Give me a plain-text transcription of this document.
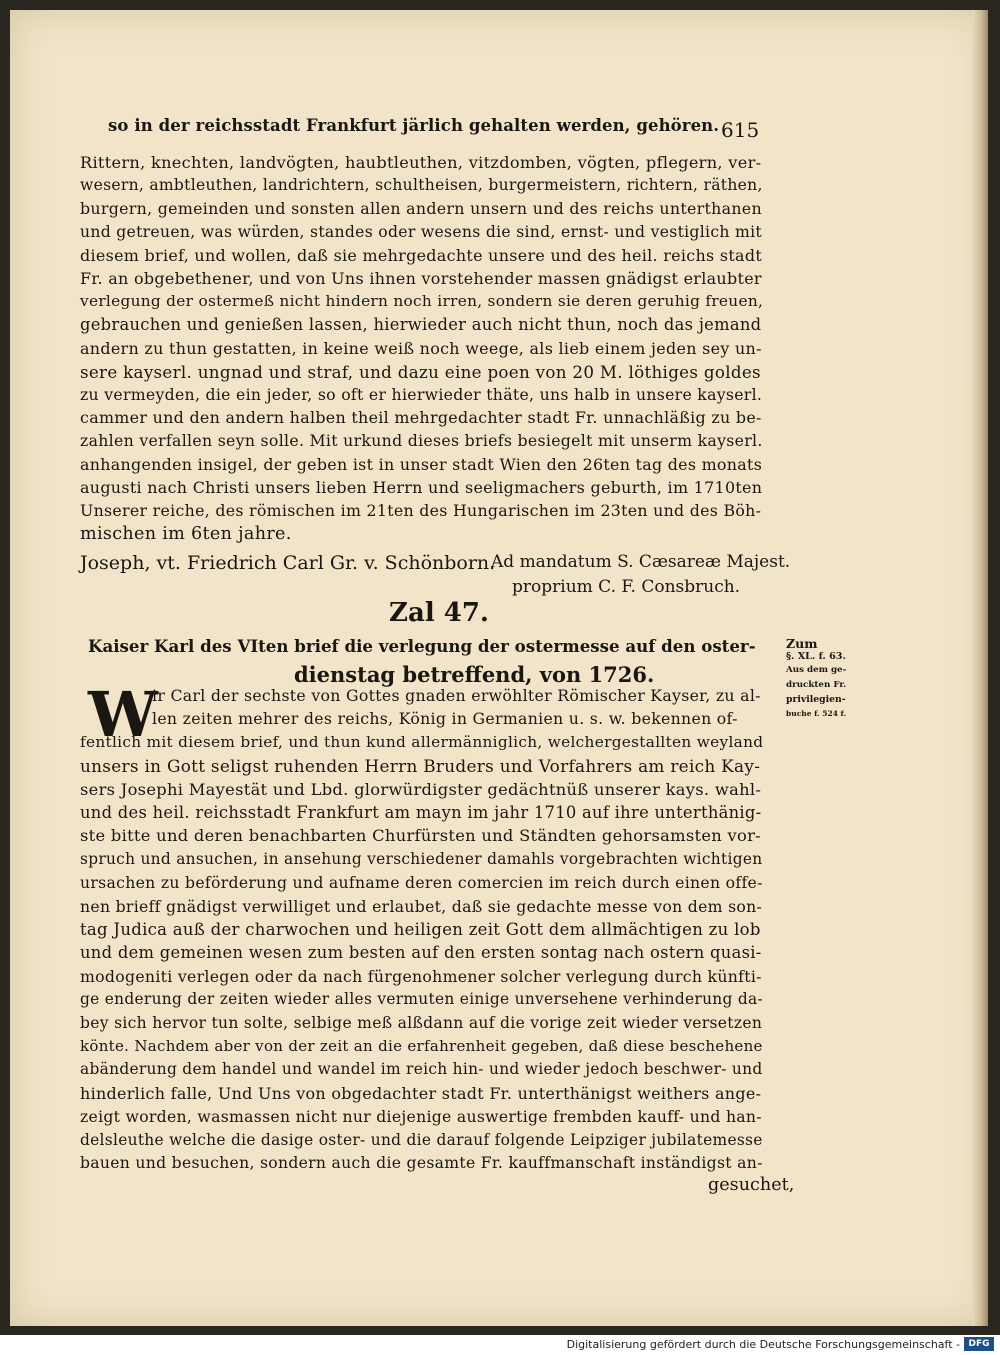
so in der reichsstadt Frankfurt järlich gehalten werden, gehören. 615
Rittern, knechten, landvögten, haubtleuthen, vitzdomben, vögten, pflegern, ver-
wesern, ambtleuthen, landrichtern, schultheisen, burgermeistern, richtern, räthen,
burgern, gemeinden und sonsten allen andern unsern und des reichs unterthanen
und getreuen, was würden, standes oder wesens die sind, ernst- und vestiglich mit
diesem brief, und wollen, daß sie mehrgedachte unsere und des heil. reichs stadt
Fr. an obgebethener, und von Uns ihnen vorstehender massen gnädigst erlaubter
verlegung der ostermeß nicht hindern noch irren, sondern sie deren geruhig freuen,
gebrauchen und genießen lassen, hierwieder auch nicht thun, noch das jemand
andern zu thun gestatten, in keine weiß noch weege, als lieb einem jeden sey un-
sere kayserl. ungnad und straf, und dazu eine poen von 20 M. löthiges goldes
zu vermeyden, die ein jeder, so oft er hierwieder thäte, uns halb in unsere kayserl.
cammer und den andern halben theil mehrgedachter stadt Fr. unnachläßig zu be-
zahlen verfallen seyn solle. Mit urkund dieses briefs besiegelt mit unserm kayserl.
anhangenden insigel, der geben ist in unser stadt Wien den 26ten tag des monats
augusti nach Christi unsers lieben Herrn und seeligmachers geburth, im 1710ten
Unserer reiche, des römischen im 21ten des Hungarischen im 23ten und des Böh-
mischen im 6ten jahre.
Joseph, vt. Friedrich Carl Gr. v. Schönborn.
Ad mandatum S. Cæsareæ Majest.
proprium C. F. Consbruch.
Zal 47.
Kaiser Karl des VIten brief die verlegung der ostermesse auf den oster-
dienstag betreffend, von 1726.
W
ir Carl der sechste von Gottes gnaden erwöhlter Römischer Kayser, zu al-
len zeiten mehrer des reichs, König in Germanien u. s. w. bekennen of-
fentlich mit diesem brief, und thun kund allermänniglich, welchergestallten weyland
unsers in Gott seligst ruhenden Herrn Bruders und Vorfahrers am reich Kay-
sers Josephi Mayestät und Lbd. glorwürdigster gedächtnüß unserer kays. wahl-
und des heil. reichsstadt Frankfurt am mayn im jahr 1710 auf ihre unterthänig-
ste bitte und deren benachbarten Churfürsten und Ständten gehorsamsten vor-
spruch und ansuchen, in ansehung verschiedener damahls vorgebrachten wichtigen
ursachen zu beförderung und aufname deren comercien im reich durch einen offe-
nen brieff gnädigst verwilliget und erlaubet, daß sie gedachte messe von dem son-
tag Judica auß der charwochen und heiligen zeit Gott dem allmächtigen zu lob
und dem gemeinen wesen zum besten auf den ersten sontag nach ostern quasi-
modogeniti verlegen oder da nach fürgenohmener solcher verlegung durch künfti-
ge enderung der zeiten wieder alles vermuten einige unversehene verhinderung da-
bey sich hervor tun solte, selbige meß alßdann auf die vorige zeit wieder versetzen
könte. Nachdem aber von der zeit an die erfahrenheit gegeben, daß diese beschehene
abänderung dem handel und wandel im reich hin- und wieder jedoch beschwer- und
hinderlich falle, Und Uns von obgedachter stadt Fr. unterthänigst weithers ange-
zeigt worden, wasmassen nicht nur diejenige auswertige frembden kauff- und han-
delsleuthe welche die dasige oster- und die darauf folgende Leipziger jubilatemesse
bauen und besuchen, sondern auch die gesamte Fr. kauffmanschaft inständigst an-
Zum
§. XL. f. 63.
Aus dem ge-
druckten Fr.
privilegien-
buche f. 524 f.
gesuchet,
Digitalisierung gefördert durch die Deutsche Forschungsgemeinschaft - DFG
